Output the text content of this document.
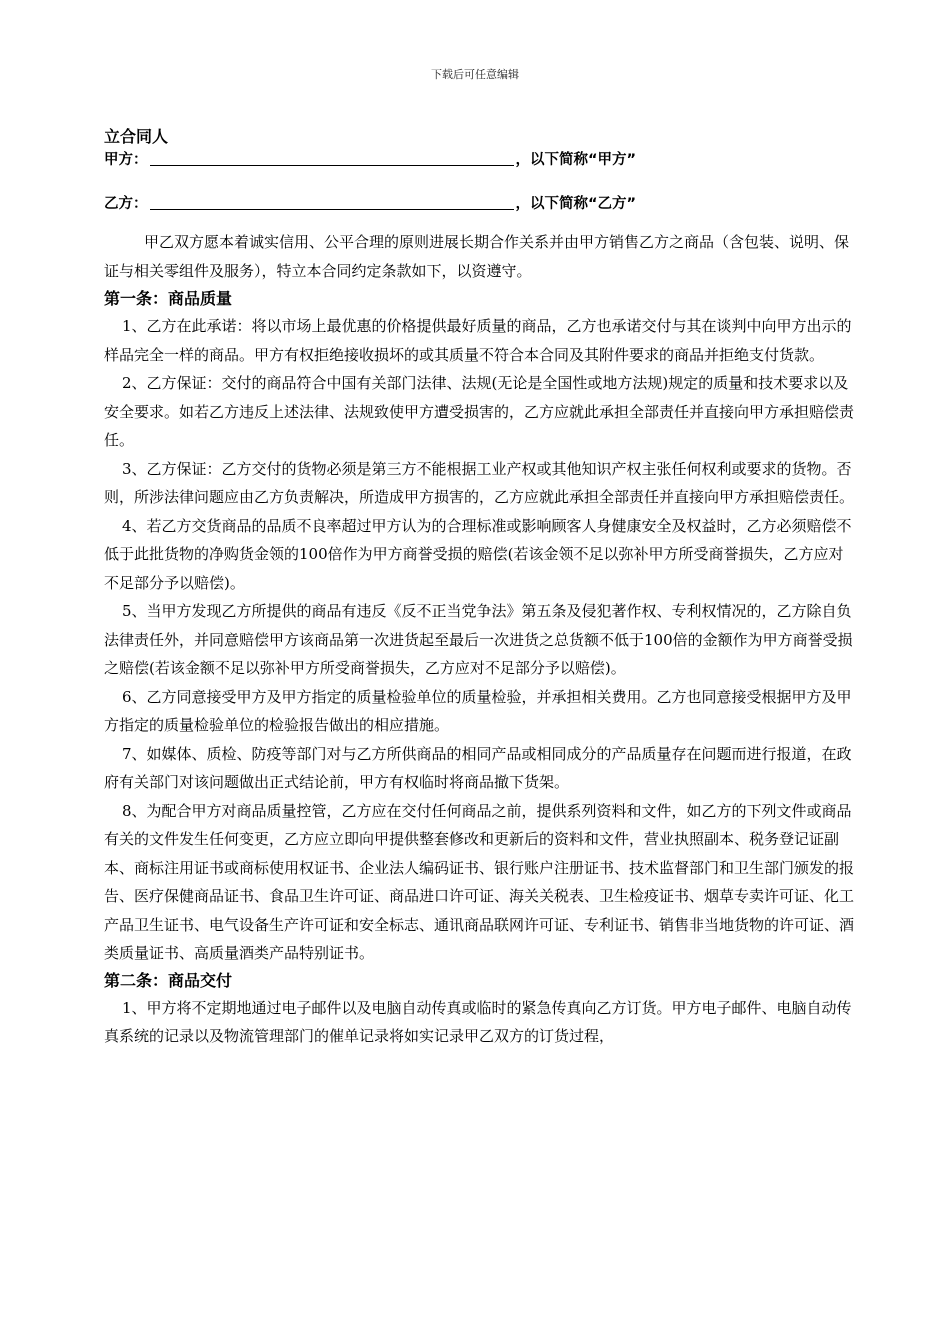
下载后可任意编辑
立合同人
甲方：	，以下简称“甲方”
乙方：	，以下简称“乙方”

甲乙双方愿本着诚实信用、公平合理的原则进展长期合作关系并由甲方销售乙方之商品（含包装、说明、保证与相关零组件及服务），特立本合同约定条款如下，以资遵守。

第一条：商品质量

1、乙方在此承诺：将以市场上最优惠的价格提供最好质量的商品，乙方也承诺交付与其在谈判中向甲方出示的样品完全一样的商品。甲方有权拒绝接收损坏的或其质量不符合本合同及其附件要求的商品并拒绝支付货款。

2、乙方保证：交付的商品符合中国有关部门法律、法规(无论是全国性或地方法规)规定的质量和技术要求以及安全要求。如若乙方违反上述法律、法规致使甲方遭受损害的，乙方应就此承担全部责任并直接向甲方承担赔偿责任。

3、乙方保证：乙方交付的货物必须是第三方不能根据工业产权或其他知识产权主张任何权利或要求的货物。否则，所涉法律问题应由乙方负责解决，所造成甲方损害的，乙方应就此承担全部责任并直接向甲方承担赔偿责任。

4、若乙方交货商品的品质不良率超过甲方认为的合理标准或影响顾客人身健康安全及权益时，乙方必须赔偿不低于此批货物的净购货金领的100倍作为甲方商誉受损的赔偿(若该金领不足以弥补甲方所受商誉损失，乙方应对不足部分予以赔偿)。

5、当甲方发现乙方所提供的商品有违反《反不正当党争法》第五条及侵犯著作权、专利权情况的，乙方除自负法律责任外，并同意赔偿甲方该商品第一次进货起至最后一次进货之总货额不低于100倍的金额作为甲方商誉受损之赔偿(若该金额不足以弥补甲方所受商誉损失，乙方应对不足部分予以赔偿)。

6、乙方同意接受甲方及甲方指定的质量检验单位的质量检验，并承担相关费用。乙方也同意接受根据甲方及甲方指定的质量检验单位的检验报告做出的相应措施。

7、如媒体、质检、防疫等部门对与乙方所供商品的相同产品或相同成分的产品质量存在问题而进行报道，在政府有关部门对该问题做出正式结论前，甲方有权临时将商品撤下货架。

8、为配合甲方对商品质量控管，乙方应在交付任何商品之前，提供系列资料和文件，如乙方的下列文件或商品有关的文件发生任何变更，乙方应立即向甲提供整套修改和更新后的资料和文件，营业执照副本、税务登记证副本、商标注用证书或商标使用权证书、企业法人编码证书、银行账户注册证书、技术监督部门和卫生部门颁发的报告、医疗保健商品证书、食品卫生许可证、商品进口许可证、海关关税表、卫生检疫证书、烟草专卖许可证、化工产品卫生证书、电气设备生产许可证和安全标志、通讯商品联网许可证、专利证书、销售非当地货物的许可证、酒类质量证书、高质量酒类产品特别证书。

第二条：商品交付

1、甲方将不定期地通过电子邮件以及电脑自动传真或临时的紧急传真向乙方订货。甲方电子邮件、电脑自动传真系统的记录以及物流管理部门的催单记录将如实记录甲乙双方的订货过程，
